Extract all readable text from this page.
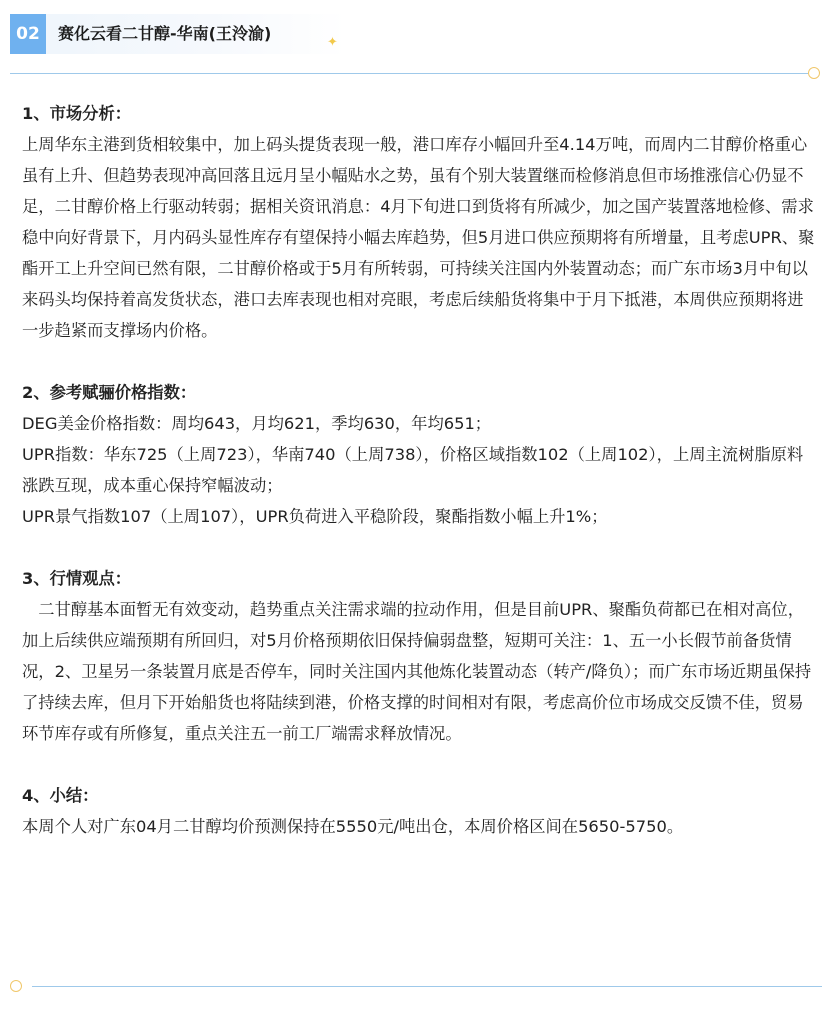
02	赛化云看二甘醇-华南(王泠渝)	✦

1、市场分析：

上周华东主港到货相较集中，加上码头提货表现一般，港口库存小幅回升至4.14万吨，而周内二甘醇价格重心虽有上升、但趋势表现冲高回落且远月呈小幅贴水之势，虽有个别大装置继而检修消息但市场推涨信心仍显不足，二甘醇价格上行驱动转弱；据相关资讯消息：4月下旬进口到货将有所减少，加之国产装置落地检修、需求稳中向好背景下，月内码头显性库存有望保持小幅去库趋势，但5月进口供应预期将有所增量，且考虑UPR、聚酯开工上升空间已然有限，二甘醇价格或于5月有所转弱，可持续关注国内外装置动态；而广东市场3月中旬以来码头均保持着高发货状态，港口去库表现也相对亮眼，考虑后续船货将集中于月下抵港，本周供应预期将进一步趋紧而支撑场内价格。

2、参考赋骊价格指数：

DEG美金价格指数：周均643，月均621，季均630，年均651；

UPR指数：华东725（上周723），华南740（上周738），价格区域指数102（上周102），上周主流树脂原料涨跌互现，成本重心保持窄幅波动；

UPR景气指数107（上周107），UPR负荷进入平稳阶段，聚酯指数小幅上升1%；

3、行情观点：

　二甘醇基本面暂无有效变动，趋势重点关注需求端的拉动作用，但是目前UPR、聚酯负荷都已在相对高位，加上后续供应端预期有所回归，对5月价格预期依旧保持偏弱盘整，短期可关注：1、五一小长假节前备货情况，2、卫星另一条装置月底是否停车，同时关注国内其他炼化装置动态（转产/降负）；而广东市场近期虽保持了持续去库，但月下开始船货也将陆续到港，价格支撑的时间相对有限，考虑高价位市场成交反馈不佳，贸易环节库存或有所修复，重点关注五一前工厂端需求释放情况。

4、小结：

本周个人对广东04月二甘醇均价预测保持在5550元/吨出仓，本周价格区间在5650-5750。
